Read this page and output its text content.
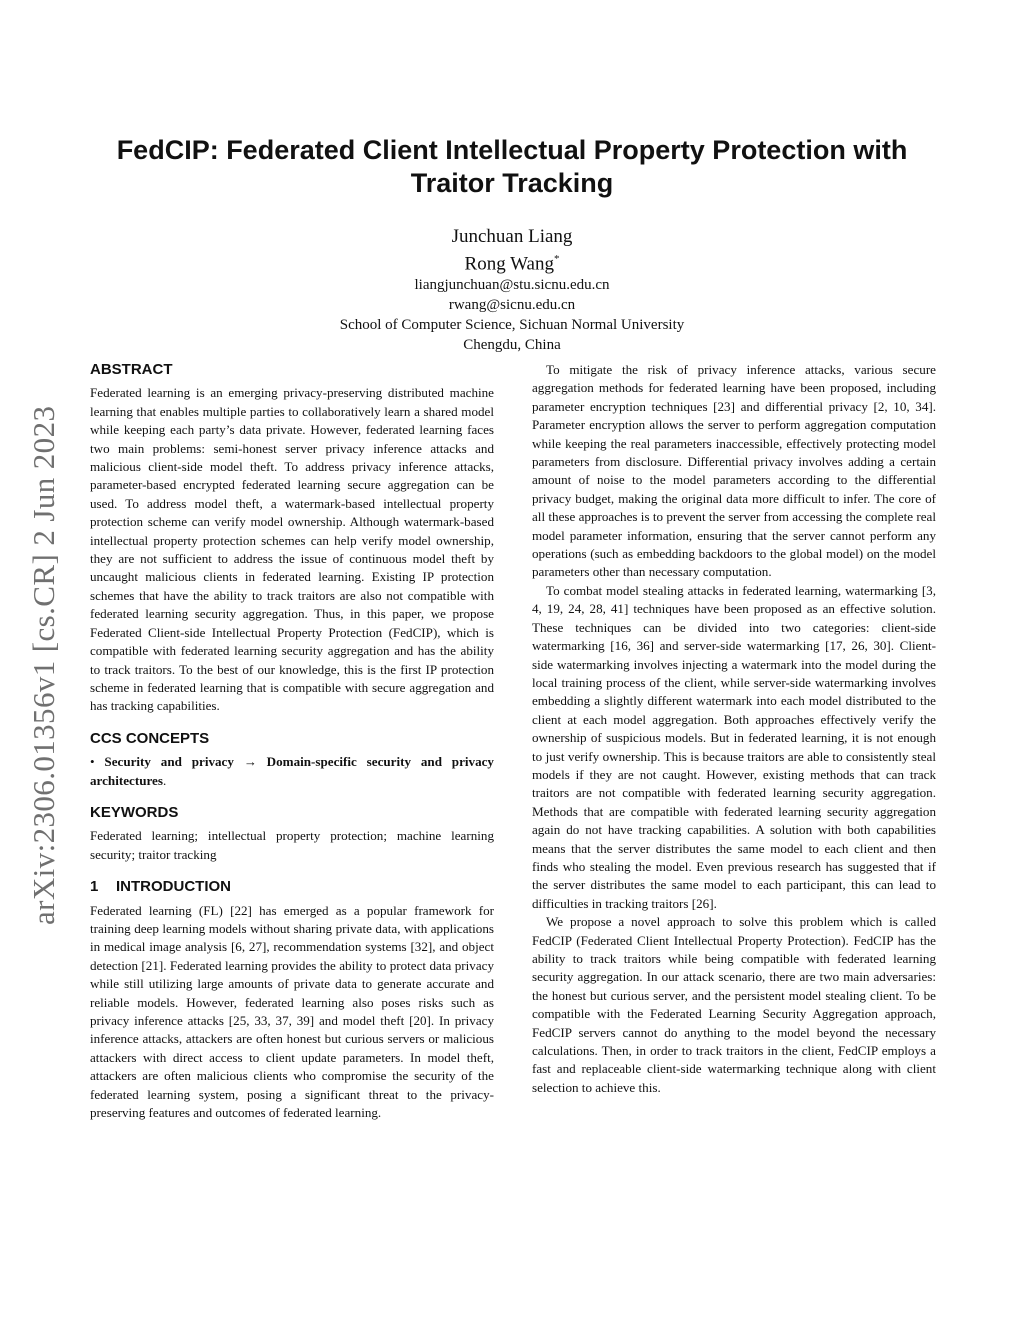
arXiv:2306.01356v1 [cs.CR] 2 Jun 2023
FedCIP: Federated Client Intellectual Property Protection with Traitor Tracking
Junchuan Liang
Rong Wang*
liangjunchuan@stu.sicnu.edu.cn
rwang@sicnu.edu.cn
School of Computer Science, Sichuan Normal University
Chengdu, China
ABSTRACT

Federated learning is an emerging privacy-preserving distributed machine learning that enables multiple parties to collaboratively learn a shared model while keeping each party’s data private. However, federated learning faces two main problems: semi-honest server privacy inference attacks and malicious client-side model theft. To address privacy inference attacks, parameter-based encrypted federated learning secure aggregation can be used. To address model theft, a watermark-based intellectual property protection scheme can verify model ownership. Although watermark-based intellectual property protection schemes can help verify model ownership, they are not sufficient to address the issue of continuous model theft by uncaught malicious clients in federated learning. Existing IP protection schemes that have the ability to track traitors are also not compatible with federated learning security aggregation. Thus, in this paper, we propose Federated Client-side Intellectual Property Protection (FedCIP), which is compatible with federated learning security aggregation and has the ability to track traitors. To the best of our knowledge, this is the first IP protection scheme in federated learning that is compatible with secure aggregation and has tracking capabilities.

CCS CONCEPTS

• Security and privacy → Domain-specific security and privacy architectures.

KEYWORDS

Federated learning; intellectual property protection; machine learning security; traitor tracking

1 INTRODUCTION

Federated learning (FL) [22] has emerged as a popular framework for training deep learning models without sharing private data, with applications in medical image analysis [6, 27], recommendation systems [32], and object detection [21]. Federated learning provides the ability to protect data privacy while still utilizing large amounts of private data to generate accurate and reliable models. However, federated learning also poses risks such as privacy inference attacks [25, 33, 37, 39] and model theft [20]. In privacy inference attacks, attackers are often honest but curious servers or malicious attackers with direct access to client update parameters. In model theft, attackers are often malicious clients who compromise the security of the federated learning system, posing a significant threat to the privacy-preserving features and outcomes of federated learning.

To mitigate the risk of privacy inference attacks, various secure aggregation methods for federated learning have been proposed, including parameter encryption techniques [23] and differential privacy [2, 10, 34]. Parameter encryption allows the server to perform aggregation computation while keeping the real parameters inaccessible, effectively protecting model parameters from disclosure. Differential privacy involves adding a certain amount of noise to the model parameters according to the differential privacy budget, making the original data more difficult to infer. The core of all these approaches is to prevent the server from accessing the complete real model parameter information, ensuring that the server cannot perform any operations (such as embedding backdoors to the global model) on the model parameters other than necessary computation.

To combat model stealing attacks in federated learning, watermarking [3, 4, 19, 24, 28, 41] techniques have been proposed as an effective solution. These techniques can be divided into two categories: client-side watermarking [16, 36] and server-side watermarking [17, 26, 30]. Client-side watermarking involves injecting a watermark into the model during the local training process of the client, while server-side watermarking involves embedding a slightly different watermark into each model distributed to the client at each model aggregation. Both approaches effectively verify the ownership of suspicious models. But in federated learning, it is not enough to just verify ownership. This is because traitors are able to consistently steal models if they are not caught. However, existing methods that can track traitors are not compatible with federated learning security aggregation. Methods that are compatible with federated learning security aggregation again do not have tracking capabilities. A solution with both capabilities means that the server distributes the same model to each client and then finds who stealing the model. Even previous research has suggested that if the server distributes the same model to each participant, this can lead to difficulties in tracking traitors [26].

We propose a novel approach to solve this problem which is called FedCIP (Federated Client Intellectual Property Protection). FedCIP has the ability to track traitors while being compatible with federated learning security aggregation. In our attack scenario, there are two main adversaries: the honest but curious server, and the persistent model stealing client. To be compatible with the Federated Learning Security Aggregation approach, FedCIP servers cannot do anything to the model beyond the necessary calculations. Then, in order to track traitors in the client, FedCIP employs a fast and replaceable client-side watermarking technique along with client selection to achieve this.
